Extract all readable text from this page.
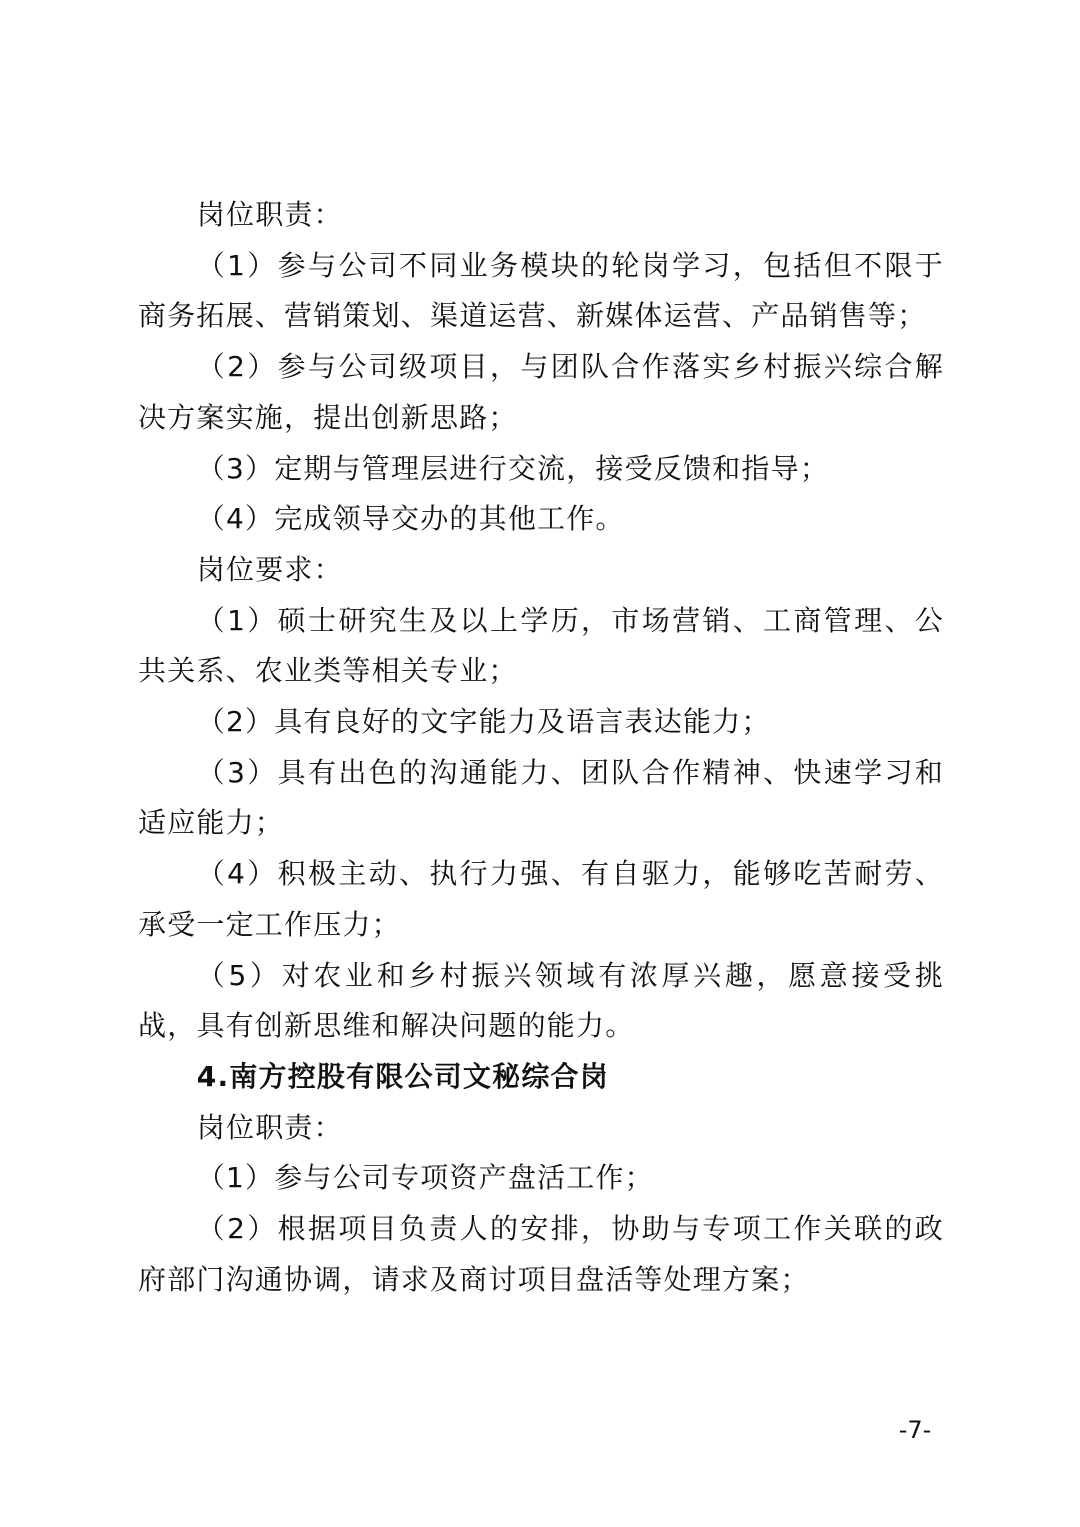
岗位职责：

（1）参与公司不同业务模块的轮岗学习，包括但不限于商务拓展、营销策划、渠道运营、新媒体运营、产品销售等；

（2）参与公司级项目，与团队合作落实乡村振兴综合解决方案实施，提出创新思路；

（3）定期与管理层进行交流，接受反馈和指导；

（4）完成领导交办的其他工作。

岗位要求：

（1）硕士研究生及以上学历，市场营销、工商管理、公共关系、农业类等相关专业；

（2）具有良好的文字能力及语言表达能力；

（3）具有出色的沟通能力、团队合作精神、快速学习和适应能力；

（4）积极主动、执行力强、有自驱力，能够吃苦耐劳、承受一定工作压力；

（5）对农业和乡村振兴领域有浓厚兴趣，愿意接受挑战，具有创新思维和解决问题的能力。

4.南方控股有限公司文秘综合岗

岗位职责：

（1）参与公司专项资产盘活工作；

（2）根据项目负责人的安排，协助与专项工作关联的政府部门沟通协调，请求及商讨项目盘活等处理方案；

-7-
